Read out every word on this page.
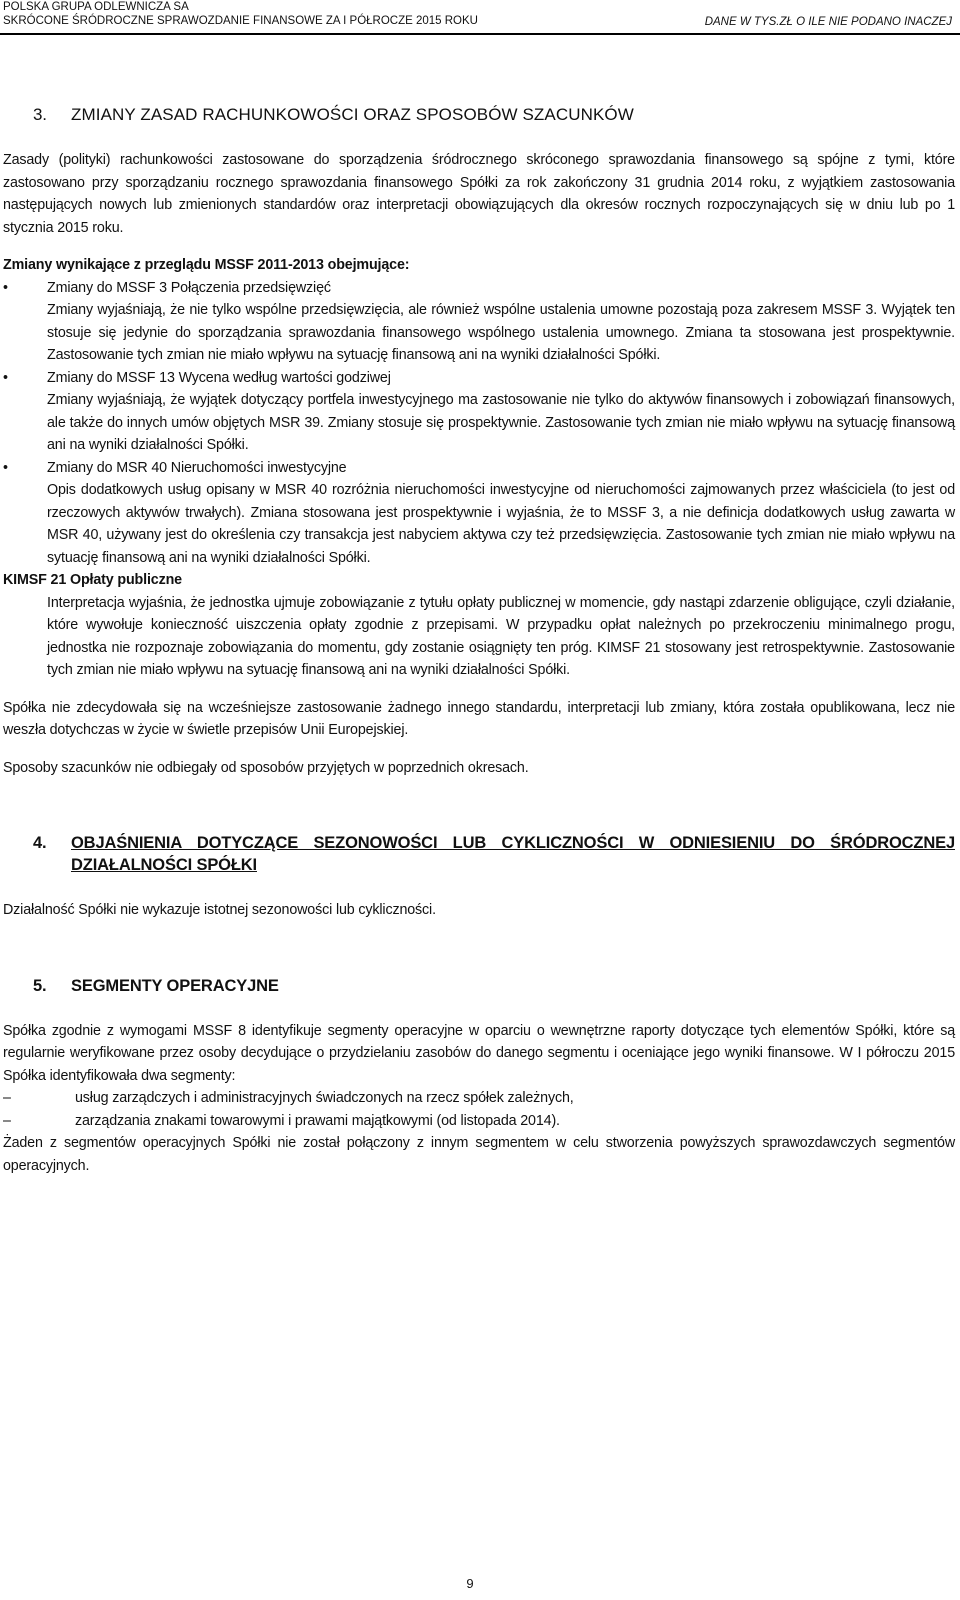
POLSKA GRUPA ODLEWNICZA SA
SKRÓCONE ŚRÓDROCZNE SPRAWOZDANIE FINANSOWE ZA I PÓŁROCZE 2015 ROKU	DANE W TYS.ZŁ O ILE NIE PODANO INACZEJ
3.	ZMIANY ZASAD RACHUNKOWOŚCI ORAZ SPOSOBÓW SZACUNKÓW

Zasady (polityki) rachunkowości zastosowane do sporządzenia śródrocznego skróconego sprawozdania finansowego są spójne z tymi, które zastosowano przy sporządzaniu rocznego sprawozdania finansowego Spółki za rok zakończony 31 grudnia 2014 roku, z wyjątkiem zastosowania następujących nowych lub zmienionych standardów oraz interpretacji obowiązujących dla okresów rocznych rozpoczynających się w dniu lub po 1 stycznia 2015 roku.

Zmiany wynikające z przeglądu MSSF 2011-2013 obejmujące:

•	Zmiany do MSSF 3 Połączenia przedsięwzięć
Zmiany wyjaśniają, że nie tylko wspólne przedsięwzięcia, ale również wspólne ustalenia umowne pozostają poza zakresem MSSF 3. Wyjątek ten stosuje się jedynie do sporządzania sprawozdania finansowego wspólnego ustalenia umownego. Zmiana ta stosowana jest prospektywnie. Zastosowanie tych zmian nie miało wpływu na sytuację finansową ani na wyniki działalności Spółki.
•	Zmiany do MSSF 13 Wycena według wartości godziwej
Zmiany wyjaśniają, że wyjątek dotyczący portfela inwestycyjnego ma zastosowanie nie tylko do aktywów finansowych i zobowiązań finansowych, ale także do innych umów objętych MSR 39. Zmiany stosuje się prospektywnie. Zastosowanie tych zmian nie miało wpływu na sytuację finansową ani na wyniki działalności Spółki.
•	Zmiany do MSR 40 Nieruchomości inwestycyjne
Opis dodatkowych usług opisany w MSR 40 rozróżnia nieruchomości inwestycyjne od nieruchomości zajmowanych przez właściciela (to jest od rzeczowych aktywów trwałych). Zmiana stosowana jest prospektywnie i wyjaśnia, że to MSSF 3, a nie definicja dodatkowych usług zawarta w MSR 40, używany jest do określenia czy transakcja jest nabyciem aktywa czy też przedsięwzięcia. Zastosowanie tych zmian nie miało wpływu na sytuację finansową ani na wyniki działalności Spółki.

KIMSF 21 Opłaty publiczne

Interpretacja wyjaśnia, że jednostka ujmuje zobowiązanie z tytułu opłaty publicznej w momencie, gdy nastąpi zdarzenie obligujące, czyli działanie, które wywołuje konieczność uiszczenia opłaty zgodnie z przepisami. W przypadku opłat należnych po przekroczeniu minimalnego progu, jednostka nie rozpoznaje zobowiązania do momentu, gdy zostanie osiągnięty ten próg. KIMSF 21 stosowany jest retrospektywnie. Zastosowanie tych zmian nie miało wpływu na sytuację finansową ani na wyniki działalności Spółki.

Spółka nie zdecydowała się na wcześniejsze zastosowanie żadnego innego standardu, interpretacji lub zmiany, która została opublikowana, lecz nie weszła dotychczas w życie w świetle przepisów Unii Europejskiej.

Sposoby szacunków nie odbiegały od sposobów przyjętych w poprzednich okresach.

4.	OBJAŚNIENIA DOTYCZĄCE SEZONOWOŚCI LUB CYKLICZNOŚCI W ODNIESIENIU DO ŚRÓDROCZNEJ DZIAŁALNOŚCI SPÓŁKI

Działalność Spółki nie wykazuje istotnej sezonowości lub cykliczności.

5.	SEGMENTY OPERACYJNE

Spółka zgodnie z wymogami MSSF 8 identyfikuje segmenty operacyjne w oparciu o wewnętrzne raporty dotyczące tych elementów Spółki, które są regularnie weryfikowane przez osoby decydujące o przydzielaniu zasobów do danego segmentu i oceniające jego wyniki finansowe. W I półroczu 2015 Spółka identyfikowała dwa segmenty:

–	usług zarządczych i administracyjnych świadczonych na rzecz spółek zależnych,
–	zarządzania znakami towarowymi i prawami majątkowymi (od listopada 2014).

Żaden z segmentów operacyjnych Spółki nie został połączony z innym segmentem w celu stworzenia powyższych sprawozdawczych segmentów operacyjnych.

9
